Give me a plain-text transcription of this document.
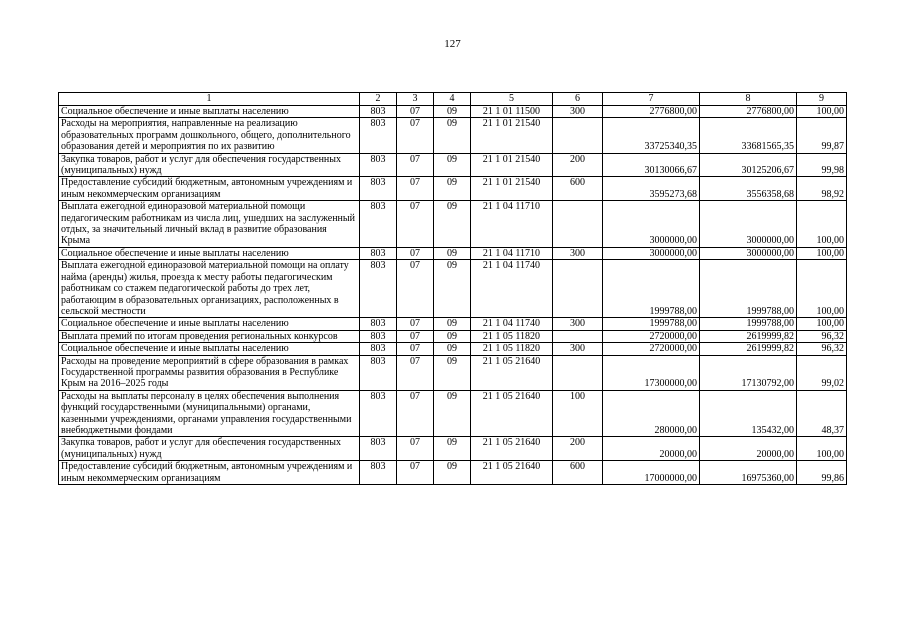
127
1	2	3	4	5	6	7	8	9
Социальное обеспечение и иные выплаты населению	803	07	09	21 1 01 11500	300	2776800,00	2776800,00	100,00
Расходы на мероприятия, направленные на реализацию образовательных программ дошкольного, общего, дополнительного образования детей и мероприятия по их развитию	803	07	09	21 1 01 21540		33725340,35	33681565,35	99,87
Закупка товаров, работ и услуг для обеспечения государственных (муниципальных) нужд	803	07	09	21 1 01 21540	200	30130066,67	30125206,67	99,98
Предоставление субсидий бюджетным, автономным учреждениям и иным некоммерческим организациям	803	07	09	21 1 01 21540	600	3595273,68	3556358,68	98,92
Выплата ежегодной единоразовой материальной помощи педагогическим работникам из числа лиц, ушедших на заслуженный отдых, за значительный личный вклад в развитие образования Крыма	803	07	09	21 1 04 11710		3000000,00	3000000,00	100,00
Социальное обеспечение и иные выплаты населению	803	07	09	21 1 04 11710	300	3000000,00	3000000,00	100,00
Выплата ежегодной единоразовой материальной помощи на оплату найма (аренды) жилья, проезда к месту работы педагогическим работникам со стажем педагогической работы до трех лет, работающим в образовательных организациях, расположенных в сельской местности	803	07	09	21 1 04 11740		1999788,00	1999788,00	100,00
Социальное обеспечение и иные выплаты населению	803	07	09	21 1 04 11740	300	1999788,00	1999788,00	100,00
Выплата премий по итогам проведения региональных конкурсов	803	07	09	21 1 05 11820		2720000,00	2619999,82	96,32
Социальное обеспечение и иные выплаты населению	803	07	09	21 1 05 11820	300	2720000,00	2619999,82	96,32
Расходы на проведение мероприятий в сфере образования в рамках Государственной программы развития образования в Республике Крым на 2016–2025 годы	803	07	09	21 1 05 21640		17300000,00	17130792,00	99,02
Расходы на выплаты персоналу в целях обеспечения выполнения функций государственными (муниципальными) органами, казенными учреждениями, органами управления государственными внебюджетными фондами	803	07	09	21 1 05 21640	100	280000,00	135432,00	48,37
Закупка товаров, работ и услуг для обеспечения государственных (муниципальных) нужд	803	07	09	21 1 05 21640	200	20000,00	20000,00	100,00
Предоставление субсидий бюджетным, автономным учреждениям и иным некоммерческим организациям	803	07	09	21 1 05 21640	600	17000000,00	16975360,00	99,86
